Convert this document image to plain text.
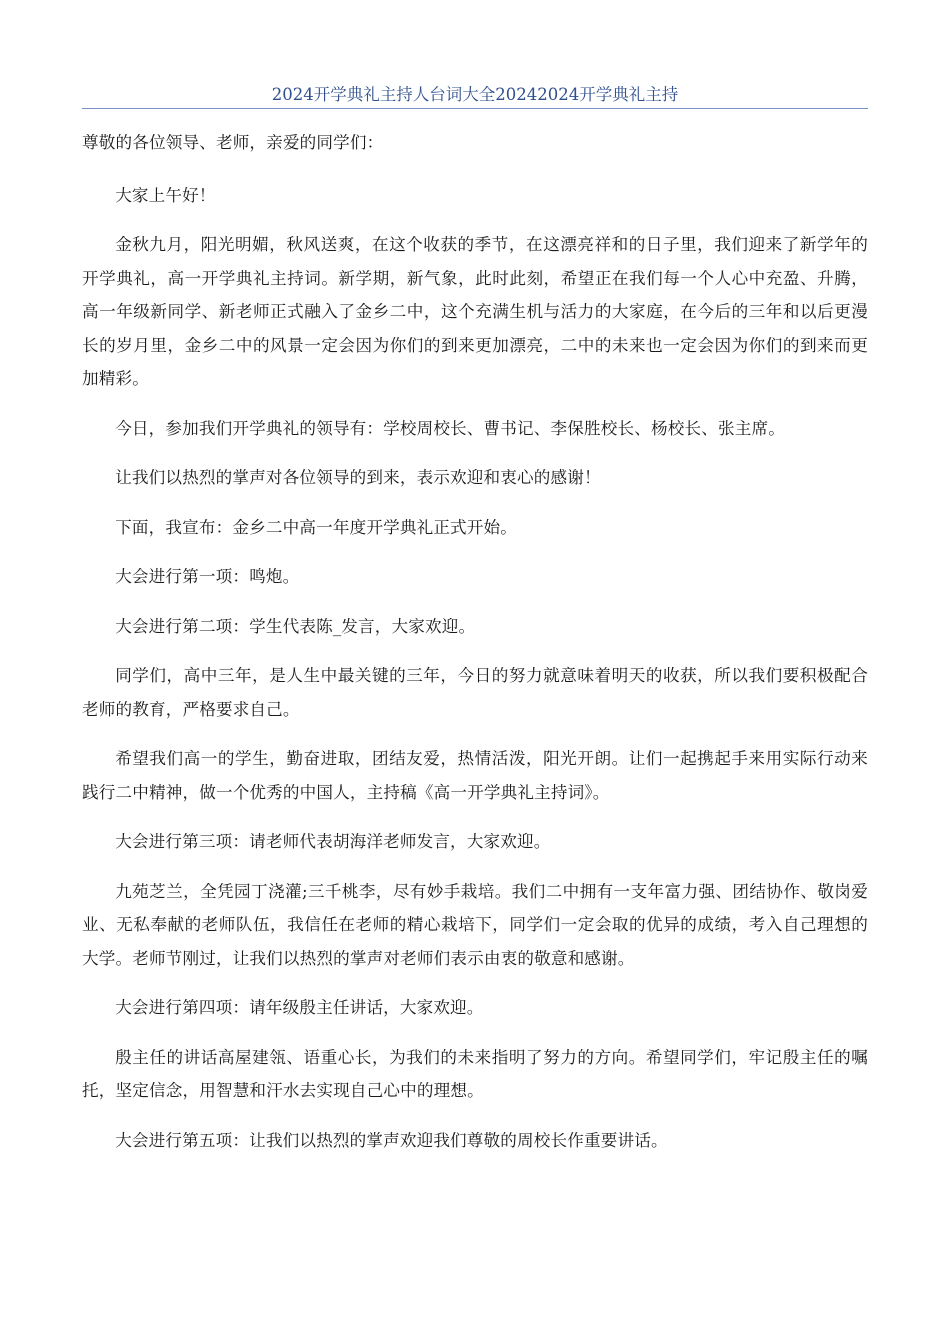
2024开学典礼主持人台词大全20242024开学典礼主持

尊敬的各位领导、老师，亲爱的同学们：

大家上午好！

金秋九月，阳光明媚，秋风送爽，在这个收获的季节，在这漂亮祥和的日子里，我们迎来了新学年的开学典礼，高一开学典礼主持词。新学期，新气象，此时此刻，希望正在我们每一个人心中充盈、升腾，高一年级新同学、新老师正式融入了金乡二中，这个充满生机与活力的大家庭，在今后的三年和以后更漫长的岁月里，金乡二中的风景一定会因为你们的到来更加漂亮，二中的未来也一定会因为你们的到来而更加精彩。

今日，参加我们开学典礼的领导有：学校周校长、曹书记、李保胜校长、杨校长、张主席。

让我们以热烈的掌声对各位领导的到来，表示欢迎和衷心的感谢！

下面，我宣布：金乡二中高一年度开学典礼正式开始。

大会进行第一项：鸣炮。

大会进行第二项：学生代表陈_发言，大家欢迎。

同学们，高中三年，是人生中最关键的三年，今日的努力就意味着明天的收获，所以我们要积极配合老师的教育，严格要求自己。

希望我们高一的学生，勤奋进取，团结友爱，热情活泼，阳光开朗。让们一起携起手来用实际行动来践行二中精神，做一个优秀的中国人，主持稿《高一开学典礼主持词》。

大会进行第三项：请老师代表胡海洋老师发言，大家欢迎。

九苑芝兰，全凭园丁浇灌;三千桃李，尽有妙手栽培。我们二中拥有一支年富力强、团结协作、敬岗爱业、无私奉献的老师队伍，我信任在老师的精心栽培下，同学们一定会取的优异的成绩，考入自己理想的大学。老师节刚过，让我们以热烈的掌声对老师们表示由衷的敬意和感谢。

大会进行第四项：请年级殷主任讲话，大家欢迎。

殷主任的讲话高屋建瓴、语重心长，为我们的未来指明了努力的方向。希望同学们，牢记殷主任的嘱托，坚定信念，用智慧和汗水去实现自己心中的理想。

大会进行第五项：让我们以热烈的掌声欢迎我们尊敬的周校长作重要讲话。
